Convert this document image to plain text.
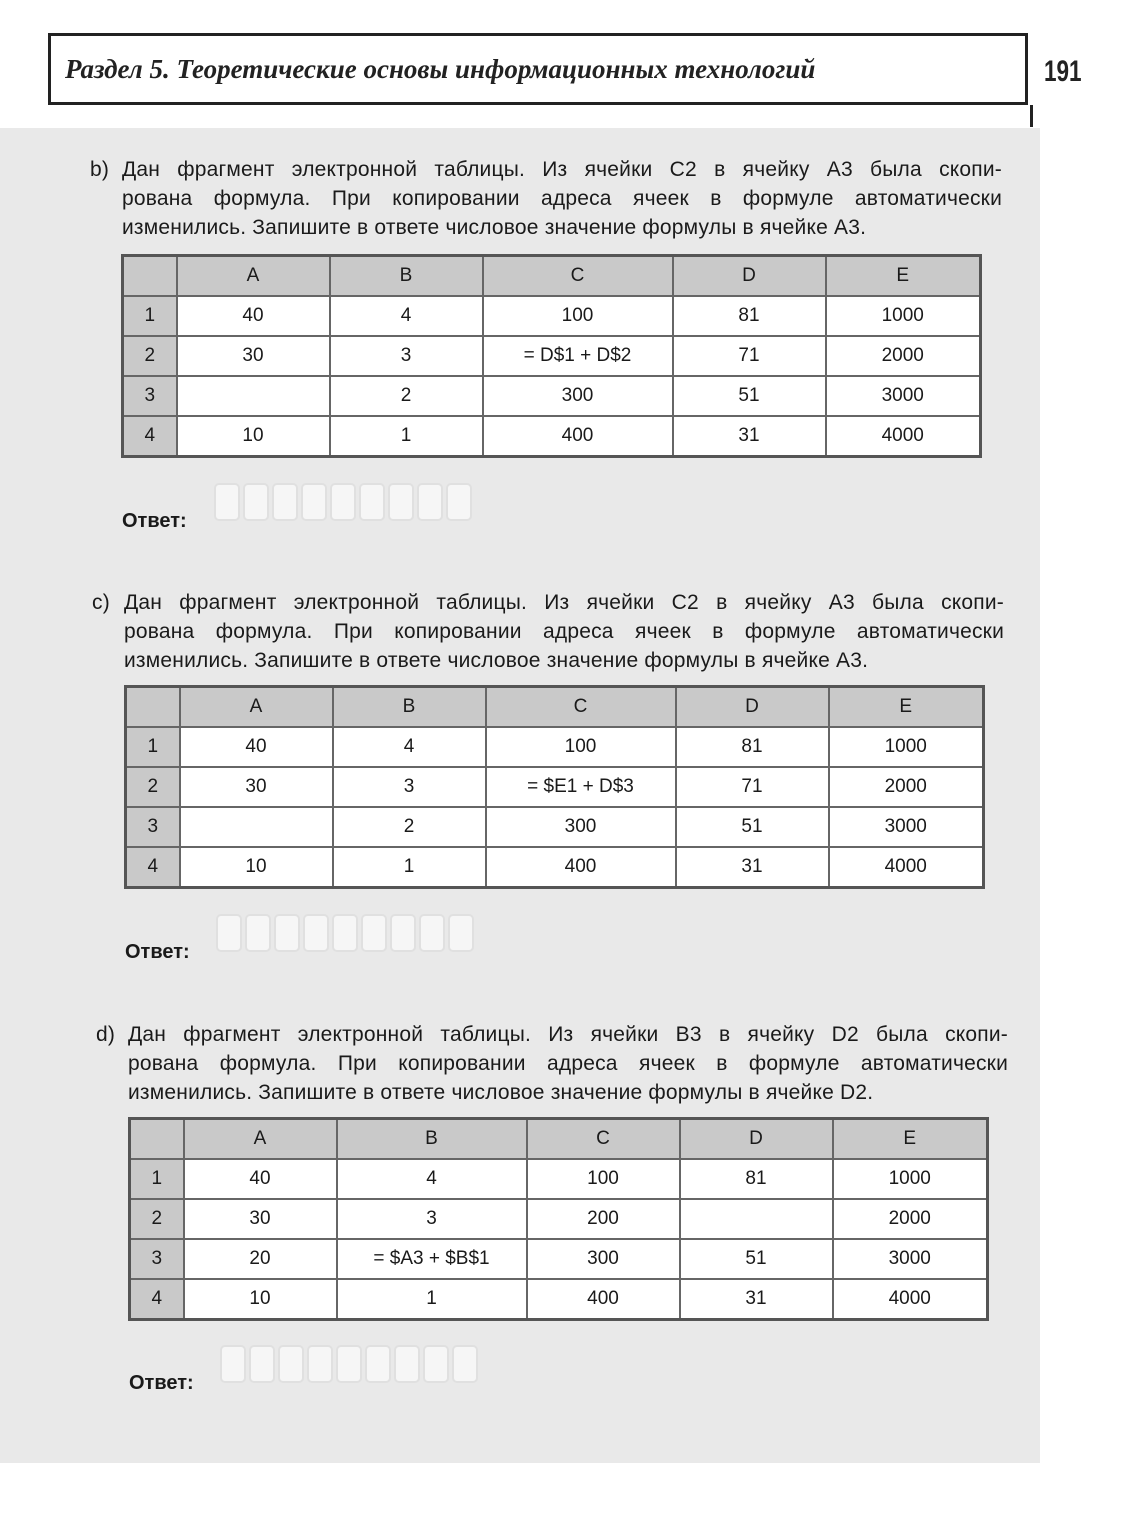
Раздел 5. Теоретические основы информационных технологий	191
b) Дан фрагмент электронной таблицы. Из ячейки C2 в ячейку A3 была скопи-
рована формула. При копировании адреса ячеек в формуле автоматически
изменились. Запишите в ответе числовое значение формулы в ячейке A3.
	A	B	C	D	E
1	40	4	100	81	1000
2	30	3	= D$1 + D$2	71	2000
3		2	300	51	3000
4	10	1	400	31	4000
Ответ:
c) Дан фрагмент электронной таблицы. Из ячейки C2 в ячейку A3 была скопи-
рована формула. При копировании адреса ячеек в формуле автоматически
изменились. Запишите в ответе числовое значение формулы в ячейке A3.
	A	B	C	D	E
1	40	4	100	81	1000
2	30	3	= $E1 + D$3	71	2000
3		2	300	51	3000
4	10	1	400	31	4000
Ответ:
d) Дан фрагмент электронной таблицы. Из ячейки B3 в ячейку D2 была скопи-
рована формула. При копировании адреса ячеек в формуле автоматически
изменились. Запишите в ответе числовое значение формулы в ячейке D2.
	A	B	C	D	E
1	40	4	100	81	1000
2	30	3	200		2000
3	20	= $A3 + $B$1	300	51	3000
4	10	1	400	31	4000
Ответ:
